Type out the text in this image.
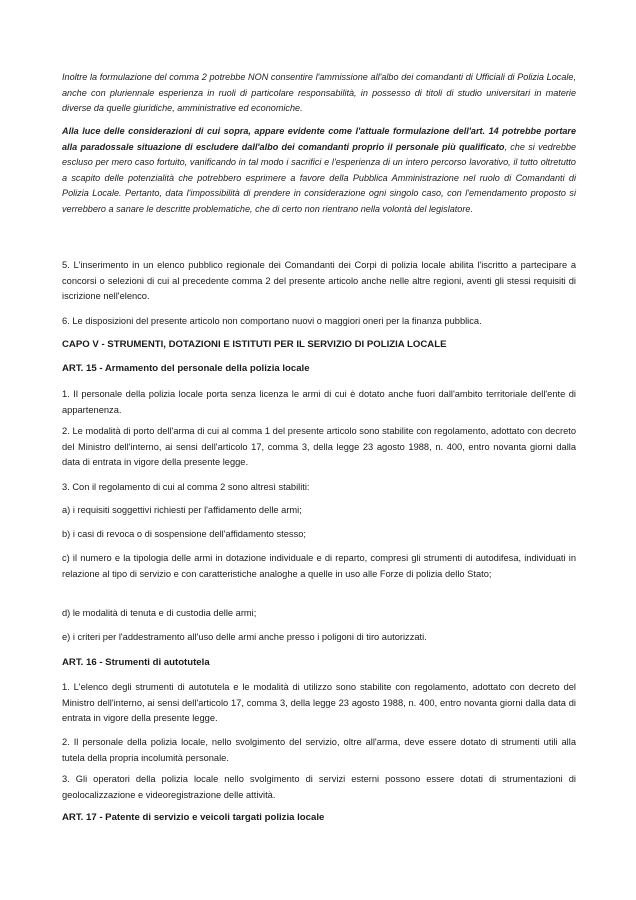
Inoltre la formulazione del comma 2 potrebbe NON consentire l'ammissione all'albo dei comandanti di Ufficiali di Polizia Locale, anche con pluriennale esperienza in ruoli di particolare responsabilità, in possesso di titoli di studio universitari in materie diverse da quelle giuridiche, amministrative ed economiche.

Alla luce delle considerazioni di cui sopra, appare evidente come l'attuale formulazione dell'art. 14 potrebbe portare alla paradossale situazione di escludere dall'albo dei comandanti proprio il personale più qualificato, che si vedrebbe escluso per mero caso fortuito, vanificando in tal modo i sacrifici e l'esperienza di un intero percorso lavorativo, il tutto oltretutto a scapito delle potenzialità che potrebbero esprimere a favore della Pubblica Amministrazione nel ruolo di Comandanti di Polizia Locale. Pertanto, data l'impossibilità di prendere in considerazione ogni singolo caso, con l'emendamento proposto si verrebbero a sanare le descritte problematiche, che di certo non rientrano nella volontà del legislatore.

5. L'inserimento in un elenco pubblico regionale dei Comandanti dei Corpi di polizia locale abilita l'iscritto a partecipare a concorsi o selezioni di cui al precedente comma 2 del presente articolo anche nelle altre regioni, aventi gli stessi requisiti di iscrizione nell'elenco.

6. Le disposizioni del presente articolo non comportano nuovi o maggiori oneri per la finanza pubblica.

CAPO V - STRUMENTI, DOTAZIONI E ISTITUTI PER IL SERVIZIO DI POLIZIA LOCALE

ART. 15 - Armamento del personale della polizia locale

1. Il personale della polizia locale porta senza licenza le armi di cui è dotato anche fuori dall'ambito territoriale dell'ente di appartenenza.

2. Le modalità di porto dell'arma di cui al comma 1 del presente articolo sono stabilite con regolamento, adottato con decreto del Ministro dell'interno, ai sensi dell'articolo 17, comma 3, della legge 23 agosto 1988, n. 400, entro novanta giorni dalla data di entrata in vigore della presente legge.

3. Con il regolamento di cui al comma 2 sono altresì stabiliti:

a) i requisiti soggettivi richiesti per l'affidamento delle armi;

b) i casi di revoca o di sospensione dell'affidamento stesso;

c) il numero e la tipologia delle armi in dotazione individuale e di reparto, compresi gli strumenti di autodifesa, individuati in relazione al tipo di servizio e con caratteristiche analoghe a quelle in uso alle Forze di polizia dello Stato;

d) le modalità di tenuta e di custodia delle armi;

e) i criteri per l'addestramento all'uso delle armi anche presso i poligoni di tiro autorizzati.

ART. 16 - Strumenti di autotutela

1. L'elenco degli strumenti di autotutela e le modalità di utilizzo sono stabilite con regolamento, adottato con decreto del Ministro dell'interno, ai sensi dell'articolo 17, comma 3, della legge 23 agosto 1988, n. 400, entro novanta giorni dalla data di entrata in vigore della presente legge.

2. Il personale della polizia locale, nello svolgimento del servizio, oltre all'arma, deve essere dotato di strumenti utili alla tutela della propria incolumità personale.

3. Gli operatori della polizia locale nello svolgimento di servizi esterni possono essere dotati di strumentazioni di geolocalizzazione e videoregistrazione delle attività.

ART. 17 - Patente di servizio e veicoli targati polizia locale
